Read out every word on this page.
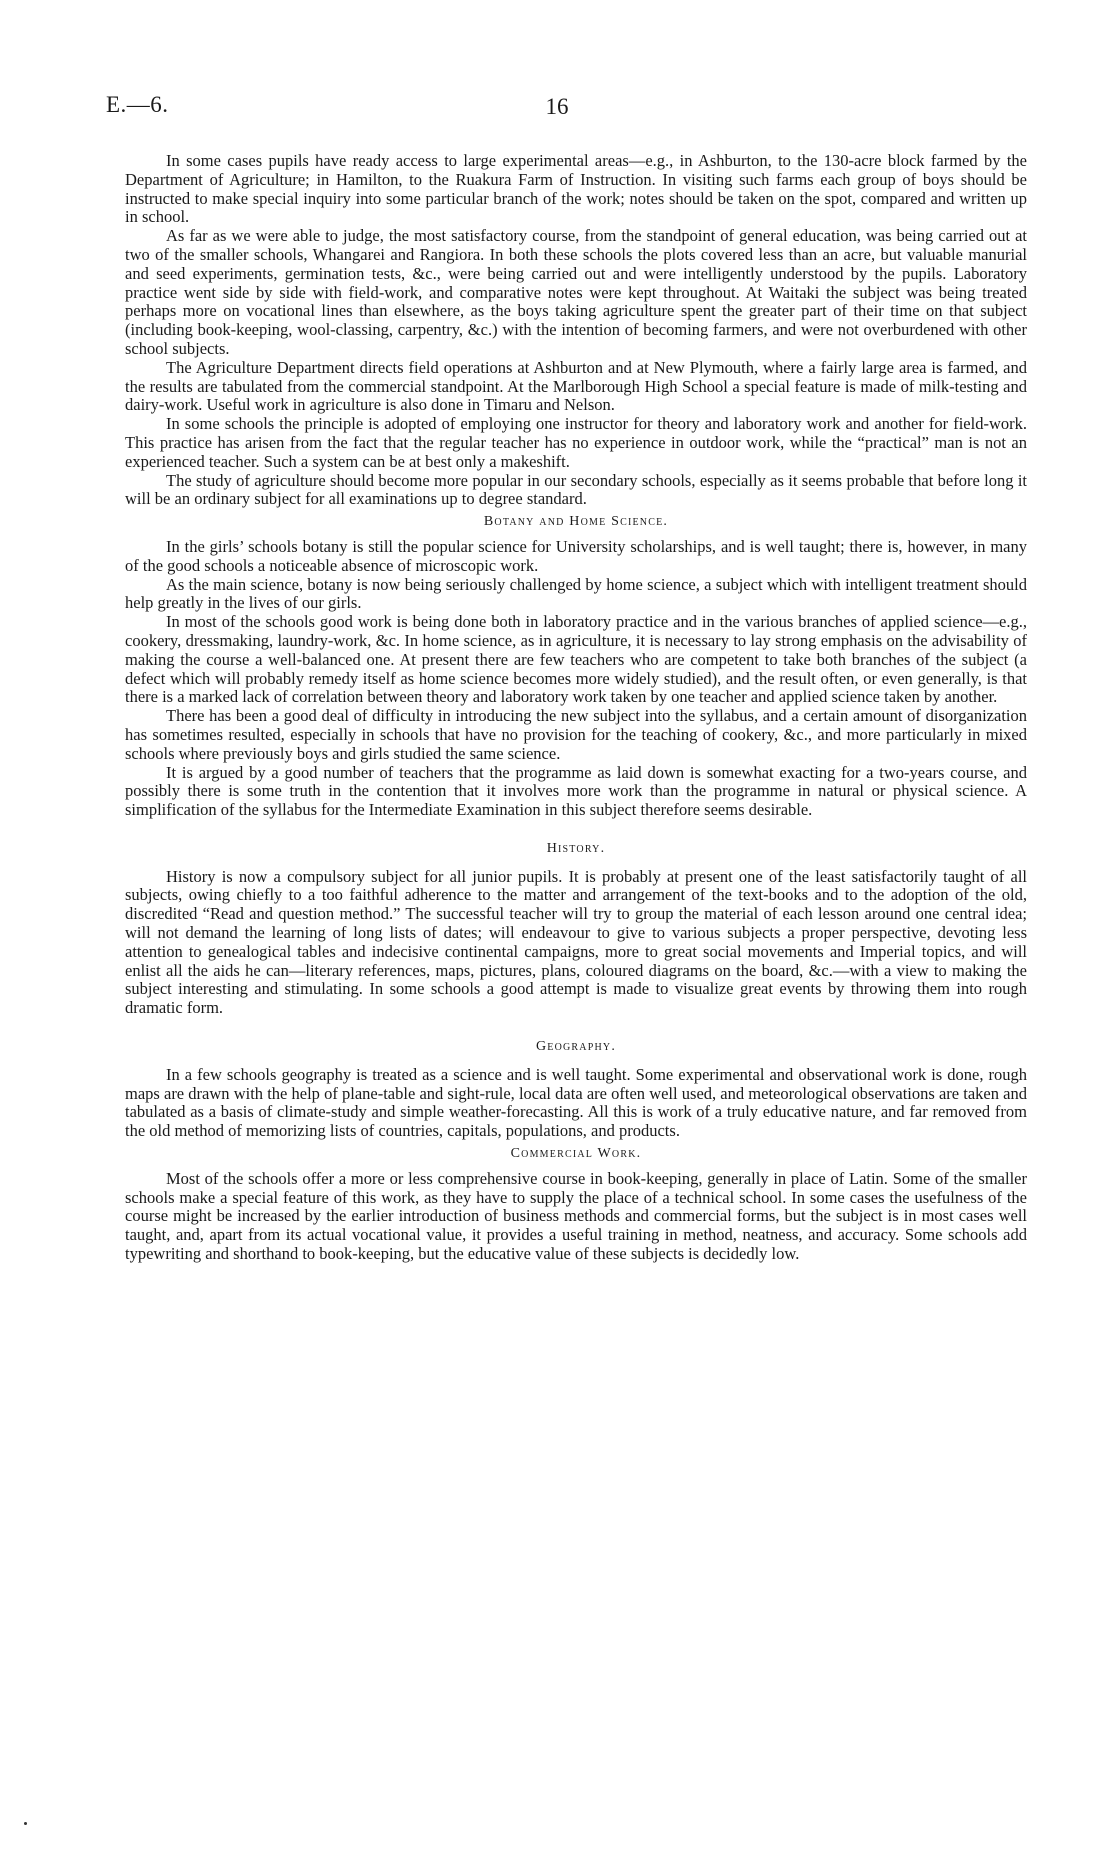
E.—6.	16

In some cases pupils have ready access to large experimental areas—e.g., in Ashburton, to the 130-acre block farmed by the Department of Agriculture; in Hamilton, to the Ruakura Farm of Instruction. In visiting such farms each group of boys should be instructed to make special inquiry into some particular branch of the work; notes should be taken on the spot, compared and written up in school.

As far as we were able to judge, the most satisfactory course, from the standpoint of general education, was being carried out at two of the smaller schools, Whangarei and Rangiora. In both these schools the plots covered less than an acre, but valuable manurial and seed experiments, germination tests, &c., were being carried out and were intelligently understood by the pupils. Laboratory practice went side by side with field-work, and comparative notes were kept throughout. At Waitaki the subject was being treated perhaps more on vocational lines than elsewhere, as the boys taking agriculture spent the greater part of their time on that subject (including book-keeping, wool-classing, carpentry, &c.) with the intention of becoming farmers, and were not overburdened with other school subjects.

The Agriculture Department directs field operations at Ashburton and at New Plymouth, where a fairly large area is farmed, and the results are tabulated from the commercial standpoint. At the Marlborough High School a special feature is made of milk-testing and dairy-work. Useful work in agriculture is also done in Timaru and Nelson.

In some schools the principle is adopted of employing one instructor for theory and laboratory work and another for field-work. This practice has arisen from the fact that the regular teacher has no experience in outdoor work, while the “practical” man is not an experienced teacher. Such a system can be at best only a makeshift.

The study of agriculture should become more popular in our secondary schools, especially as it seems probable that before long it will be an ordinary subject for all examinations up to degree standard.

Botany and Home Science.

In the girls’ schools botany is still the popular science for University scholarships, and is well taught; there is, however, in many of the good schools a noticeable absence of microscopic work.

As the main science, botany is now being seriously challenged by home science, a subject which with intelligent treatment should help greatly in the lives of our girls.

In most of the schools good work is being done both in laboratory practice and in the various branches of applied science—e.g., cookery, dressmaking, laundry-work, &c. In home science, as in agriculture, it is necessary to lay strong emphasis on the advisability of making the course a well-balanced one. At present there are few teachers who are competent to take both branches of the subject (a defect which will probably remedy itself as home science becomes more widely studied), and the result often, or even generally, is that there is a marked lack of correlation between theory and laboratory work taken by one teacher and applied science taken by another.

There has been a good deal of difficulty in introducing the new subject into the syllabus, and a certain amount of disorganization has sometimes resulted, especially in schools that have no provision for the teaching of cookery, &c., and more particularly in mixed schools where previously boys and girls studied the same science.

It is argued by a good number of teachers that the programme as laid down is somewhat exacting for a two-years course, and possibly there is some truth in the contention that it involves more work than the programme in natural or physical science. A simplification of the syllabus for the Intermediate Examination in this subject therefore seems desirable.

History.

History is now a compulsory subject for all junior pupils. It is probably at present one of the least satisfactorily taught of all subjects, owing chiefly to a too faithful adherence to the matter and arrangement of the text-books and to the adoption of the old, discredited “Read and question method.” The successful teacher will try to group the material of each lesson around one central idea; will not demand the learning of long lists of dates; will endeavour to give to various subjects a proper perspective, devoting less attention to genealogical tables and indecisive continental campaigns, more to great social movements and Imperial topics, and will enlist all the aids he can—literary references, maps, pictures, plans, coloured diagrams on the board, &c.—with a view to making the subject interesting and stimulating. In some schools a good attempt is made to visualize great events by throwing them into rough dramatic form.

Geography.

In a few schools geography is treated as a science and is well taught. Some experimental and observational work is done, rough maps are drawn with the help of plane-table and sight-rule, local data are often well used, and meteorological observations are taken and tabulated as a basis of climate-study and simple weather-forecasting. All this is work of a truly educative nature, and far removed from the old method of memorizing lists of countries, capitals, populations, and products.

Commercial Work.

Most of the schools offer a more or less comprehensive course in book-keeping, generally in place of Latin. Some of the smaller schools make a special feature of this work, as they have to supply the place of a technical school. In some cases the usefulness of the course might be increased by the earlier introduction of business methods and commercial forms, but the subject is in most cases well taught, and, apart from its actual vocational value, it provides a useful training in method, neatness, and accuracy. Some schools add typewriting and shorthand to book-keeping, but the educative value of these subjects is decidedly low.
